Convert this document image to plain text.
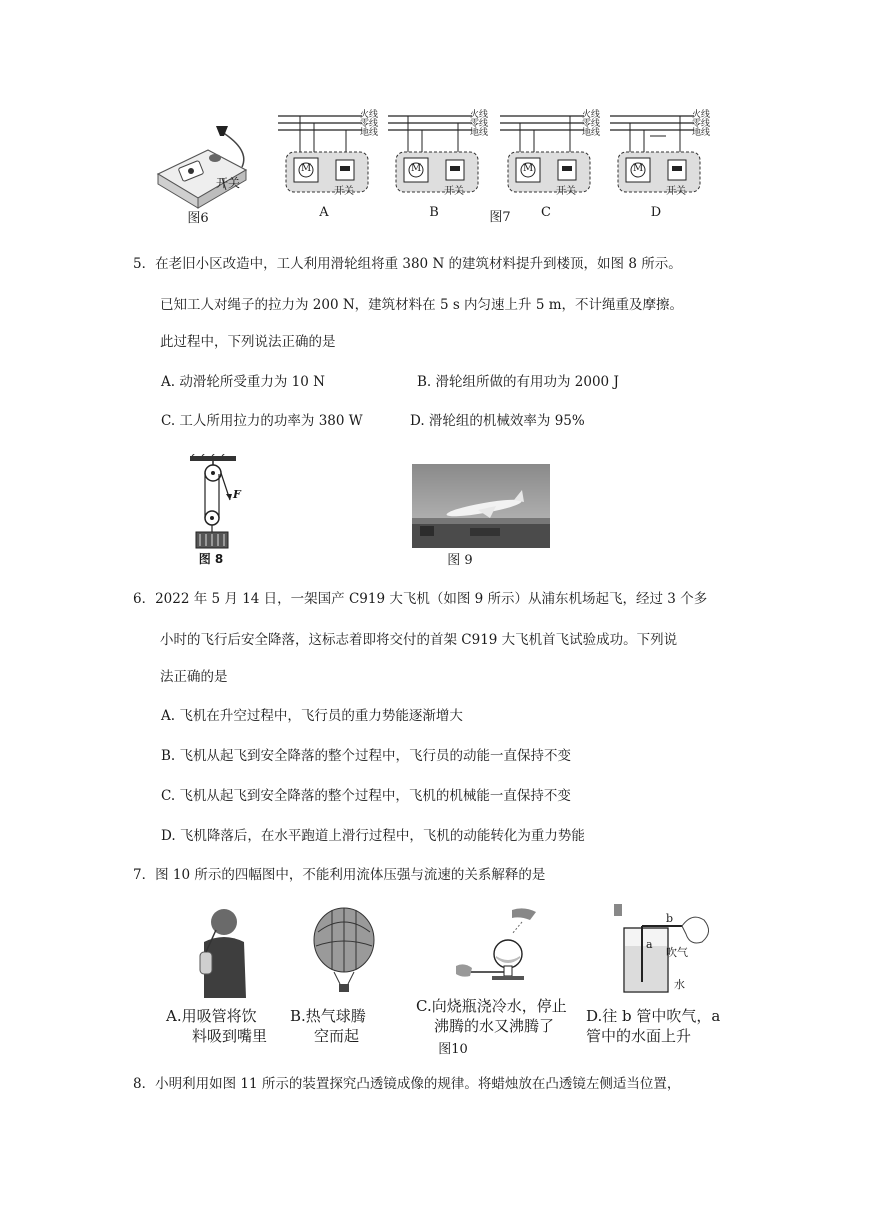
开关
图6
火线
零线
地线
M
开关
A
火线
零线
地线
M
开关
B	图7
火线
零线
地线
M
开关
C
火线
零线
地线
M
开关
D
5．在老旧小区改造中，工人利用滑轮组将重 380 N 的建筑材料提升到楼顶，如图 8 所示。
已知工人对绳子的拉力为 200 N，建筑材料在 5 s 内匀速上升 5 m，不计绳重及摩擦。
此过程中，下列说法正确的是
A. 动滑轮所受重力为 10 N	B. 滑轮组所做的有用功为 2000 J
C. 工人所用拉力的功率为 380 W	D. 滑轮组的机械效率为 95%
F
图 8	图 9
6．2022 年 5 月 14 日，一架国产 C919 大飞机（如图 9 所示）从浦东机场起飞，经过 3 个多
小时的飞行后安全降落，这标志着即将交付的首架 C919 大飞机首飞试验成功。下列说
法正确的是
A. 飞机在升空过程中，飞行员的重力势能逐渐增大
B. 飞机从起飞到安全降落的整个过程中，飞行员的动能一直保持不变
C. 飞机从起飞到安全降落的整个过程中，飞机的机械能一直保持不变
D. 飞机降落后，在水平跑道上滑行过程中，飞机的动能转化为重力势能
7．图 10 所示的四幅图中，不能利用流体压强与流速的关系解释的是
A.用吸管将饮
料吸到嘴里
B.热气球腾
空而起
C.向烧瓶浇冷水，停止
沸腾的水又沸腾了
图10
b
a
吹气
水
D.往 b 管中吹气，a
管中的水面上升
8．小明利用如图 11 所示的装置探究凸透镜成像的规律。将蜡烛放在凸透镜左侧适当位置，
